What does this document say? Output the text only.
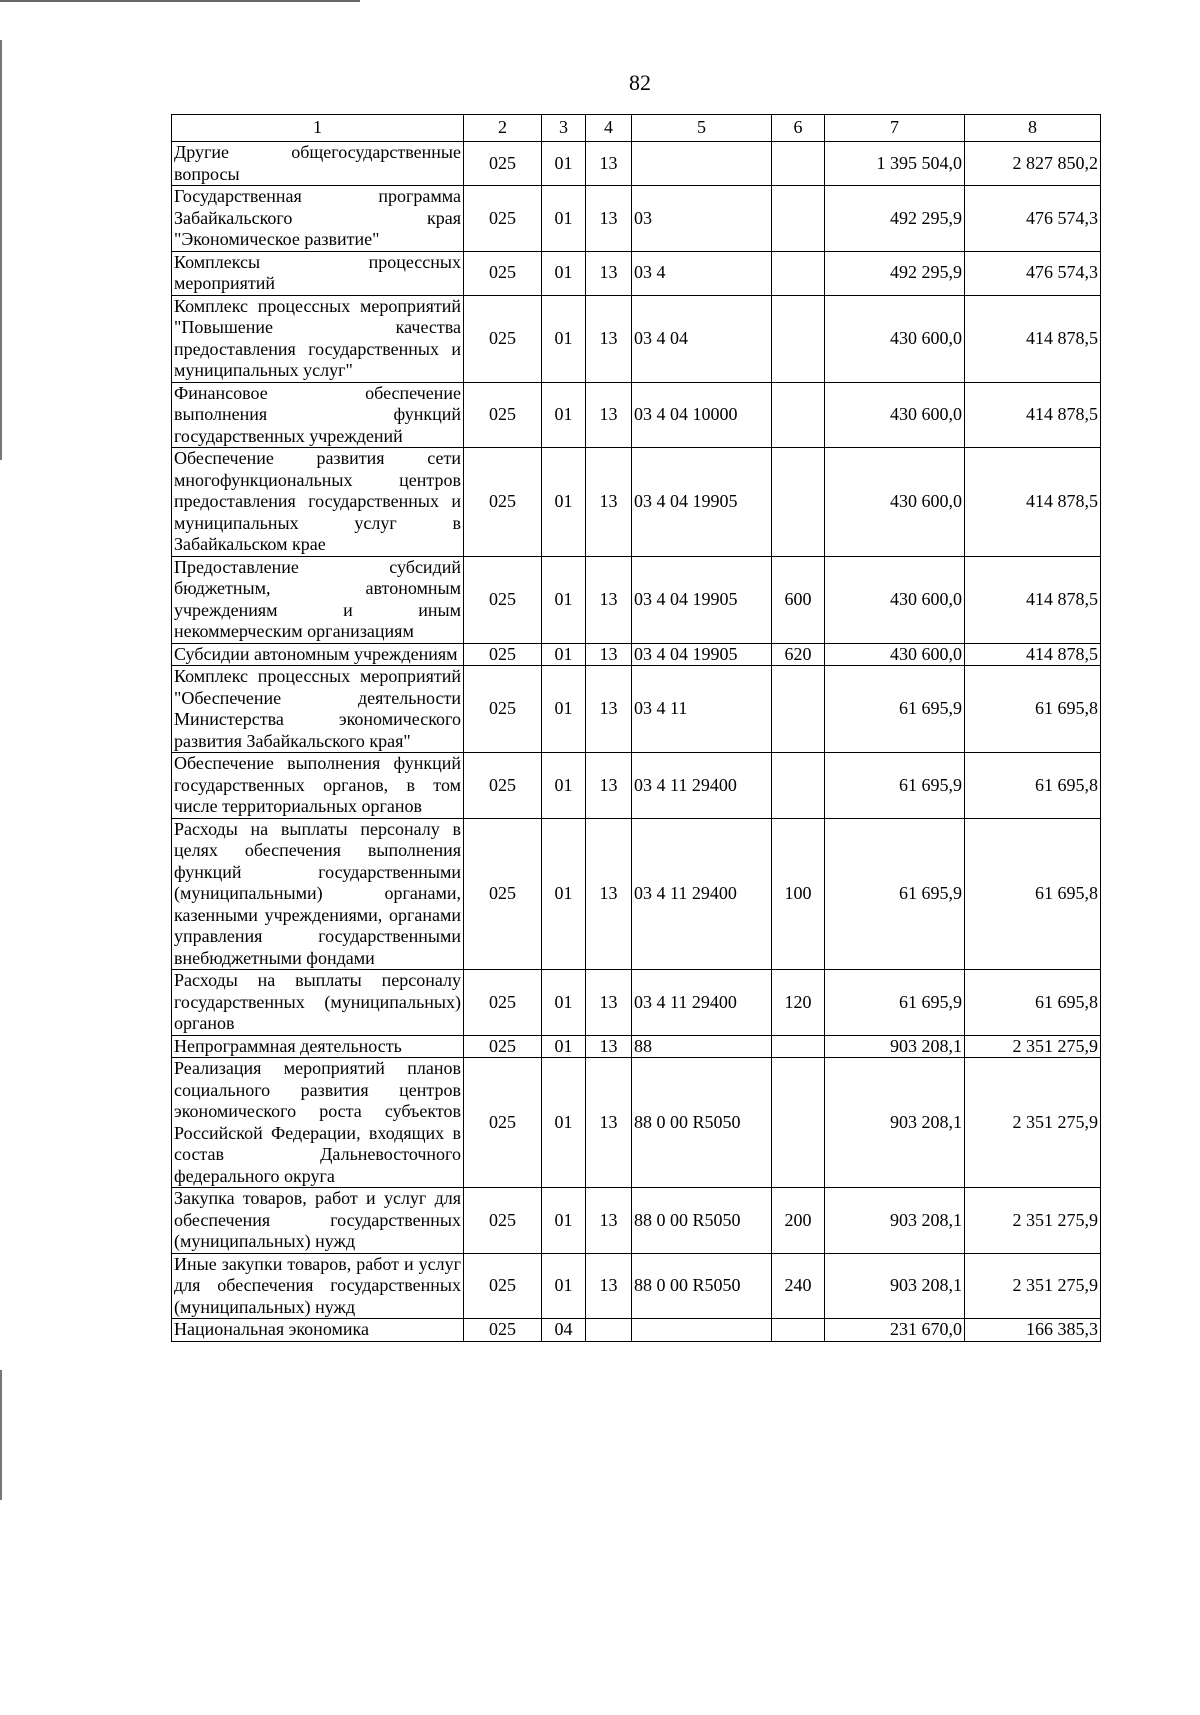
82
1	2	3	4	5	6	7	8
Другие общегосударственные вопросы	025	01	13			1 395 504,0	2 827 850,2
Государственная программа Забайкальского края "Экономическое развитие"	025	01	13	03		492 295,9	476 574,3
Комплексы процессных мероприятий	025	01	13	03 4		492 295,9	476 574,3
Комплекс процессных мероприятий "Повышение качества предоставления государственных и муниципальных услуг"	025	01	13	03 4 04		430 600,0	414 878,5
Финансовое обеспечение выполнения функций государственных учреждений	025	01	13	03 4 04 10000		430 600,0	414 878,5
Обеспечение развития сети многофункциональных центров предоставления государственных и муниципальных услуг в Забайкальском крае	025	01	13	03 4 04 19905		430 600,0	414 878,5
Предоставление субсидий бюджетным, автономным учреждениям и иным некоммерческим организациям	025	01	13	03 4 04 19905	600	430 600,0	414 878,5
Субсидии автономным учреждениям	025	01	13	03 4 04 19905	620	430 600,0	414 878,5
Комплекс процессных мероприятий "Обеспечение деятельности Министерства экономического развития Забайкальского края"	025	01	13	03 4 11		61 695,9	61 695,8
Обеспечение выполнения функций государственных органов, в том числе территориальных органов	025	01	13	03 4 11 29400		61 695,9	61 695,8
Расходы на выплаты персоналу в целях обеспечения выполнения функций государственными (муниципальными) органами, казенными учреждениями, органами управления государственными внебюджетными фондами	025	01	13	03 4 11 29400	100	61 695,9	61 695,8
Расходы на выплаты персоналу государственных (муниципальных) органов	025	01	13	03 4 11 29400	120	61 695,9	61 695,8
Непрограммная деятельность	025	01	13	88		903 208,1	2 351 275,9
Реализация мероприятий планов социального развития центров экономического роста субъектов Российской Федерации, входящих в состав Дальневосточного федерального округа	025	01	13	88 0 00 R5050		903 208,1	2 351 275,9
Закупка товаров, работ и услуг для обеспечения государственных (муниципальных) нужд	025	01	13	88 0 00 R5050	200	903 208,1	2 351 275,9
Иные закупки товаров, работ и услуг для обеспечения государственных (муниципальных) нужд	025	01	13	88 0 00 R5050	240	903 208,1	2 351 275,9
Национальная экономика	025	04				231 670,0	166 385,3
